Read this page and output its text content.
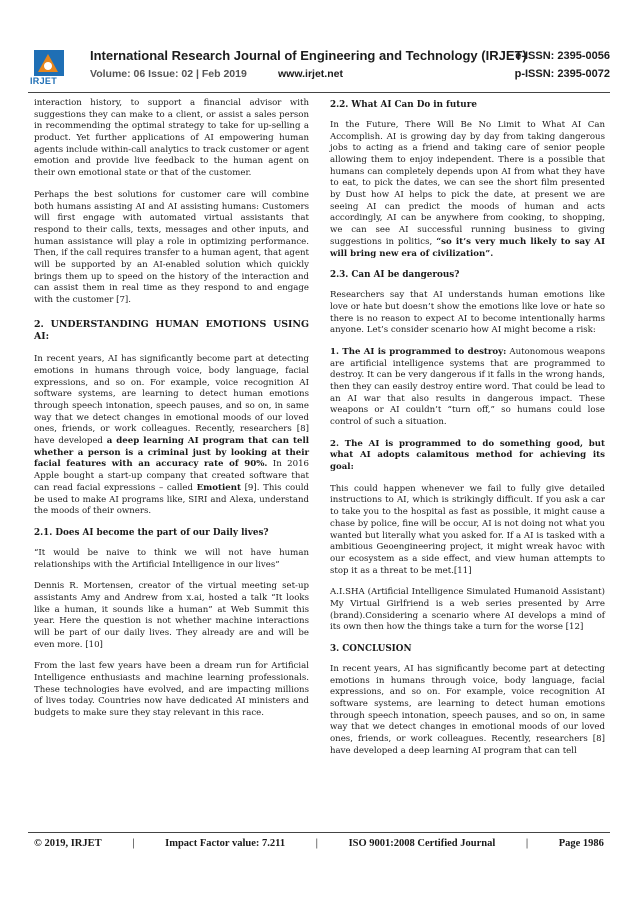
IRJET
International Research Journal of Engineering and Technology (IRJET)
e-ISSN: 2395-0056
Volume: 06 Issue: 02 | Feb 2019	www.irjet.net	p-ISSN: 2395-0072

interaction history, to support a financial advisor with suggestions they can make to a client, or assist a sales person in recommending the optimal strategy to take for up-selling a product. Yet further applications of AI empowering human agents include within-call analytics to track customer or agent emotion and provide live feedback to the human agent on their own emotional state or that of the customer.

Perhaps the best solutions for customer care will combine both humans assisting AI and AI assisting humans: Customers will first engage with automated virtual assistants that respond to their calls, texts, messages and other inputs, and human assistance will play a role in optimizing performance. Then, if the call requires transfer to a human agent, that agent will be supported by an AI-enabled solution which quickly brings them up to speed on the history of the interaction and can assist them in real time as they respond to and engage with the customer [7].

2. UNDERSTANDING HUMAN EMOTIONS USING AI:

In recent years, AI has significantly become part at detecting emotions in humans through voice, body language, facial expressions, and so on. For example, voice recognition AI software systems, are learning to detect human emotions through speech intonation, speech pauses, and so on, in same way that we detect changes in emotional moods of our loved ones, friends, or work colleagues. Recently, researchers [8] have developed a deep learning AI program that can tell whether a person is a criminal just by looking at their facial features with an accuracy rate of 90%. In 2016 Apple bought a start-up company that created software that can read facial expressions – called Emotient [9]. This could be used to make AI programs like, SIRI and Alexa, understand the moods of their owners.

2.1. Does AI become the part of our Daily lives?

“It would be naive to think we will not have human relationships with the Artificial Intelligence in our lives”

Dennis R. Mortensen, creator of the virtual meeting set-up assistants Amy and Andrew from x.ai, hosted a talk “It looks like a human, it sounds like a human” at Web Summit this year. Here the question is not whether machine interactions will be part of our daily lives. They already are and will be even more. [10]

From the last few years have been a dream run for Artificial Intelligence enthusiasts and machine learning professionals. These technologies have evolved, and are impacting millions of lives today. Countries now have dedicated AI ministers and budgets to make sure they stay relevant in this race.

2.2. What AI Can Do in future

In the Future, There Will Be No Limit to What AI Can Accomplish. AI is growing day by day from taking dangerous jobs to acting as a friend and taking care of senior people allowing them to enjoy independent. There is a possible that humans can completely depends upon AI from what they have to eat, to pick the dates, we can see the short film presented by Dust how AI helps to pick the date, at present we are seeing AI can predict the moods of human and acts accordingly, AI can be anywhere from cooking, to shopping, we can see AI successful running business to giving suggestions in politics, “so it’s very much likely to say AI will bring new era of civilization”.

2.3. Can AI be dangerous?

Researchers say that AI understands human emotions like love or hate but doesn’t show the emotions like love or hate so there is no reason to expect AI to become intentionally harms anyone. Let’s consider scenario how AI might become a risk:

1. The AI is programmed to destroy: Autonomous weapons are artificial intelligence systems that are programmed to destroy. It can be very dangerous if it falls in the wrong hands, then they can easily destroy entire word. That could be lead to an AI war that also results in dangerous impact. These weapons or AI couldn’t “turn off,” so humans could lose control of such a situation.

2. The AI is programmed to do something good, but what AI adopts calamitous method for achieving its goal:

This could happen whenever we fail to fully give detailed instructions to AI, which is strikingly difficult. If you ask a car to take you to the hospital as fast as possible, it might cause a chase by police, fine will be occur, AI is not doing not what you wanted but literally what you asked for. If a AI is tasked with a ambitious Geoengineering project, it might wreak havoc with our ecosystem as a side effect, and view human attempts to stop it as a threat to be met.[11]

A.I.SHA (Artificial Intelligence Simulated Humanoid Assistant) My Virtual Girlfriend is a web series presented by Arre (brand).Considering a scenario where AI develops a mind of its own then how the things take a turn for the worse [12]

3. CONCLUSION

In recent years, AI has significantly become part at detecting emotions in humans through voice, body language, facial expressions, and so on. For example, voice recognition AI software systems, are learning to detect human emotions through speech intonation, speech pauses, and so on, in same way that we detect changes in emotional moods of our loved ones, friends, or work colleagues. Recently, researchers [8] have developed a deep learning AI program that can tell

© 2019, IRJET	|	Impact Factor value: 7.211	|	ISO 9001:2008 Certified Journal	|	Page 1986
